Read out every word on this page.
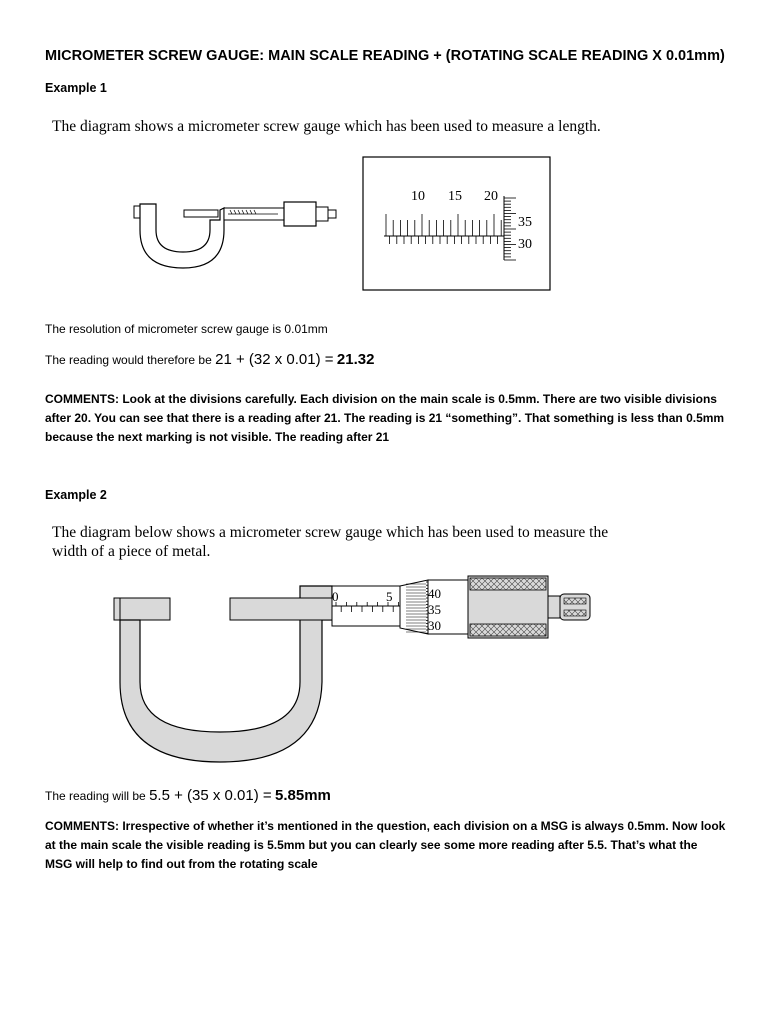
MICROMETER SCREW GAUGE: MAIN SCALE READING + (ROTATING SCALE READING X 0.01mm)
Example 1
The diagram shows a micrometer screw gauge which has been used to measure a length.
10 15 20
35
30
The resolution of micrometer screw gauge is 0.01mm
The reading would therefore be 21 + (32 x 0.01) = 21.32
COMMENTS: Look at the divisions carefully. Each division on the main scale is 0.5mm. There are two visible divisions after 20. You can see that there is a reading after 21. The reading is 21 “something”. That something is less than 0.5mm because the next marking is not visible. The reading after 21
Example 2
The diagram below shows a micrometer screw gauge which has been used to measure the
width of a piece of metal.
0	5	40
35
30
The reading will be 5.5 + (35 x 0.01) = 5.85mm
COMMENTS: Irrespective of whether it’s mentioned in the question, each division on a MSG is always 0.5mm. Now look at the main scale the visible reading is 5.5mm but you can clearly see some more reading after 5.5. That’s what the MSG will help to find out from the rotating scale
